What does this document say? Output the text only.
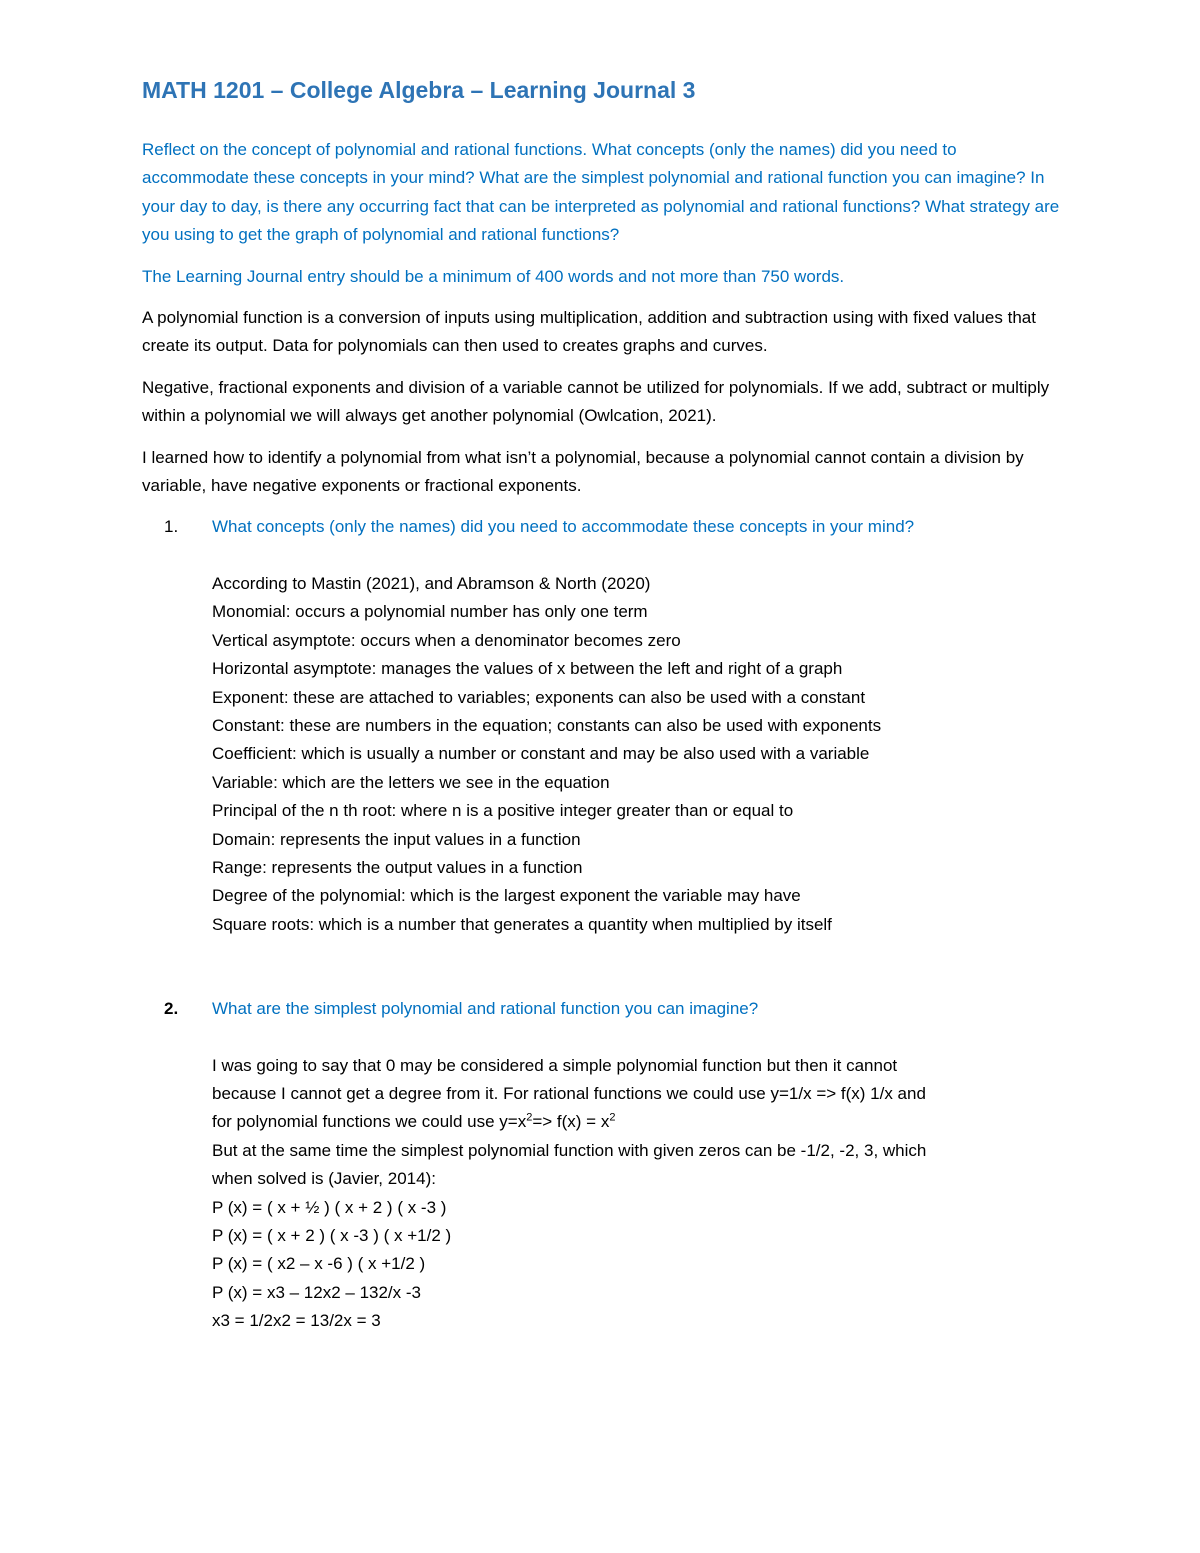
MATH 1201 – College Algebra – Learning Journal 3

Reflect on the concept of polynomial and rational functions. What concepts (only the names) did you need to accommodate these concepts in your mind? What are the simplest polynomial and rational function you can imagine? In your day to day, is there any occurring fact that can be interpreted as polynomial and rational functions? What strategy are you using to get the graph of polynomial and rational functions?

The Learning Journal entry should be a minimum of 400 words and not more than 750 words.

A polynomial function is a conversion of inputs using multiplication, addition and subtraction using with fixed values that create its output. Data for polynomials can then used to creates graphs and curves.

Negative, fractional exponents and division of a variable cannot be utilized for polynomials. If we add, subtract or multiply within a polynomial we will always get another polynomial (Owlcation, 2021).

I learned how to identify a polynomial from what isn’t a polynomial, because a polynomial cannot contain a division by variable, have negative exponents or fractional exponents.

1. What concepts (only the names) did you need to accommodate these concepts in your mind?
According to Mastin (2021), and Abramson & North (2020)
Monomial: occurs a polynomial number has only one term
Vertical asymptote: occurs when a denominator becomes zero
Horizontal asymptote: manages the values of x between the left and right of a graph
Exponent: these are attached to variables; exponents can also be used with a constant
Constant: these are numbers in the equation; constants can also be used with exponents
Coefficient: which is usually a number or constant and may be also used with a variable
Variable: which are the letters we see in the equation
Principal of the n th root: where n is a positive integer greater than or equal to
Domain: represents the input values in a function
Range: represents the output values in a function
Degree of the polynomial: which is the largest exponent the variable may have
Square roots: which is a number that generates a quantity when multiplied by itself
2. What are the simplest polynomial and rational function you can imagine?
I was going to say that 0 may be considered a simple polynomial function but then it cannot
because I cannot get a degree from it. For rational functions we could use y=1/x => f(x) 1/x and
for polynomial functions we could use $y=x^2=> f(x) = x^2$
But at the same time the simplest polynomial function with given zeros can be -1/2, -2, 3, which
when solved is (Javier, 2014):
P (x) = ( x + ½ ) ( x + 2 ) ( x -3 )
P (x) = ( x + 2 ) ( x -3 ) ( x +1/2 )
P (x) = ( x2 – x -6 ) ( x +1/2 )
P (x) = x3 – 12x2 – 132/x -3
x3 = 1/2x2 = 13/2x = 3
